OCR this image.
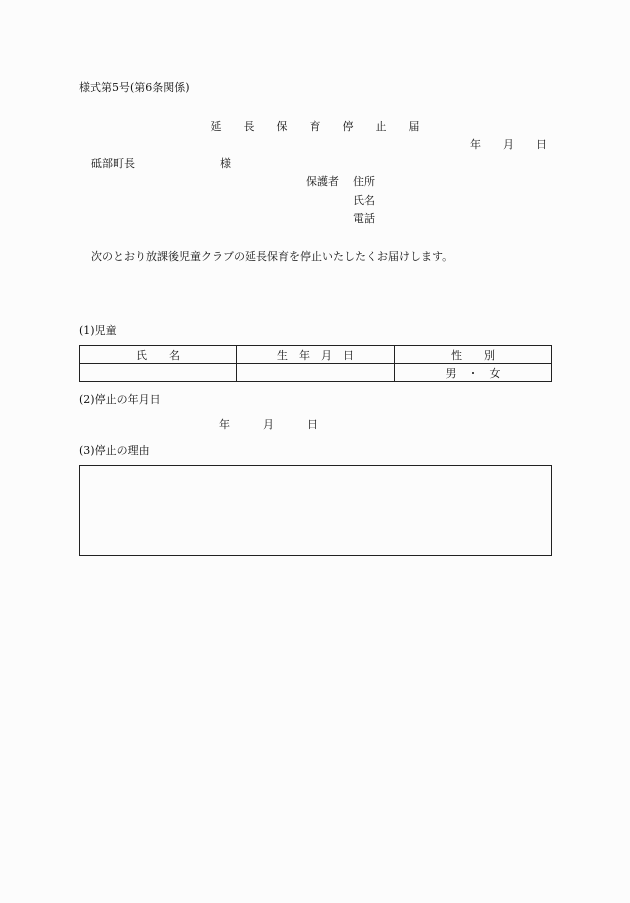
様式第5号(第6条関係)
延　　長　　保　　育　　停　　止　　届
年　　月　　日
砥部町長	様
保護者 住所
氏名
電話
次のとおり放課後児童クラブの延長保育を停止いたしたくお届けします。
(1)児童
氏　　名	生　年　月　日	性　　別
		男　・　女
(2)停止の年月日
年　　　月　　　日
(3)停止の理由
